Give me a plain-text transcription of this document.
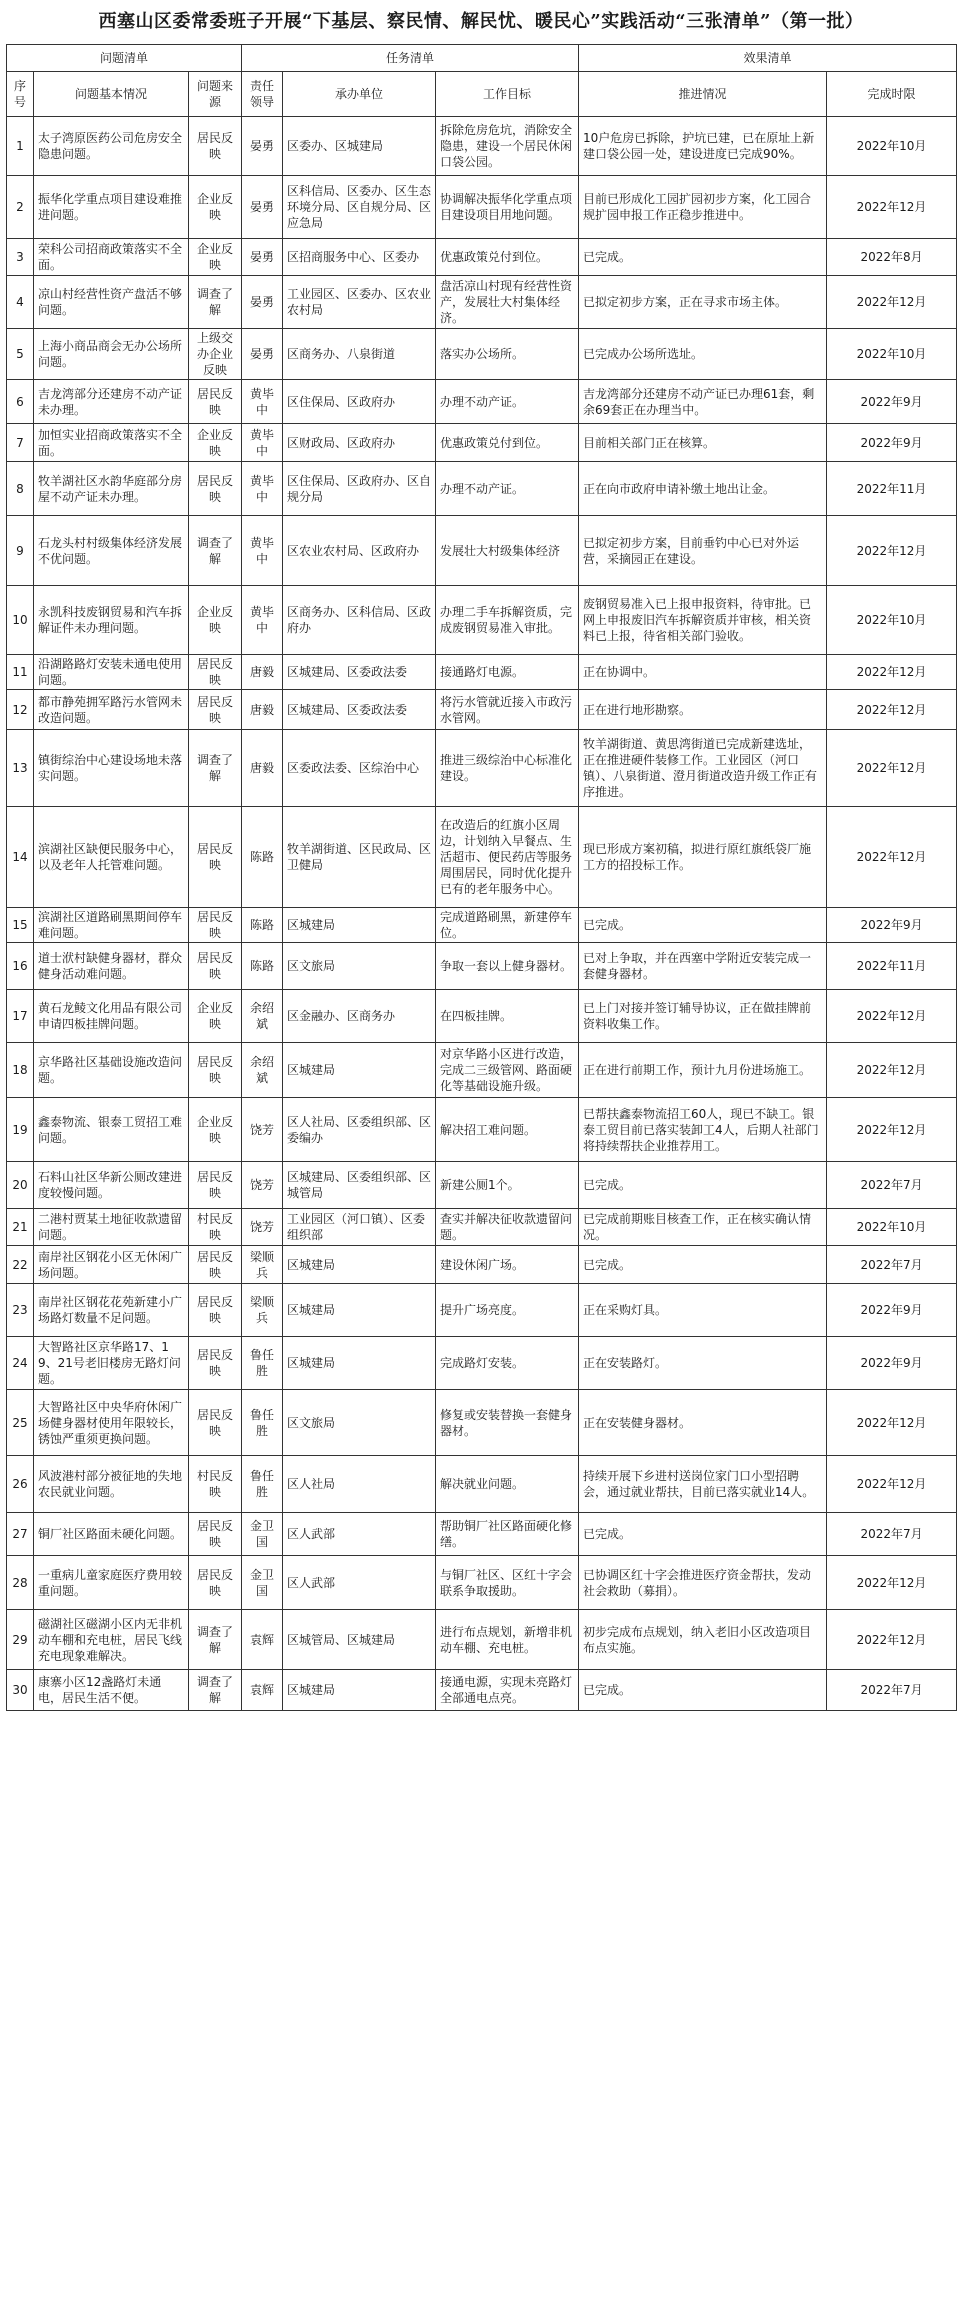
西塞山区委常委班子开展“下基层、察民情、解民忧、暖民心”实践活动“三张清单”（第一批）
问题清单			任务清单			效果清单	
序号	问题基本情况	问题来源	责任领导	承办单位	工作目标	推进情况	完成时限
1	太子湾原医药公司危房安全隐患问题。	居民反映	晏勇	区委办、区城建局	拆除危房危坑，消除安全隐患，建设一个居民休闲口袋公园。	10户危房已拆除，护坑已建，已在原址上新建口袋公园一处，建设进度已完成90%。	2022年10月
2	振华化学重点项目建设难推进问题。	企业反映	晏勇	区科信局、区委办、区生态环境分局、区自规分局、区应急局	协调解决振华化学重点项目建设项目用地问题。	目前已形成化工园扩园初步方案，化工园合规扩园申报工作正稳步推进中。	2022年12月
3	荣科公司招商政策落实不全面。	企业反映	晏勇	区招商服务中心、区委办	优惠政策兑付到位。	已完成。	2022年8月
4	凉山村经营性资产盘活不够问题。	调查了解	晏勇	工业园区、区委办、区农业农村局	盘活凉山村现有经营性资产，发展壮大村集体经济。	已拟定初步方案，正在寻求市场主体。	2022年12月
5	上海小商品商会无办公场所问题。	上级交办企业反映	晏勇	区商务办、八泉街道	落实办公场所。	已完成办公场所选址。	2022年10月
6	吉龙湾部分还建房不动产证未办理。	居民反映	黄毕中	区住保局、区政府办	办理不动产证。	吉龙湾部分还建房不动产证已办理61套，剩余69套正在办理当中。	2022年9月
7	加恒实业招商政策落实不全面。	企业反映	黄毕中	区财政局、区政府办	优惠政策兑付到位。	目前相关部门正在核算。	2022年9月
8	牧羊湖社区水韵华庭部分房屋不动产证未办理。	居民反映	黄毕中	区住保局、区政府办、区自规分局	办理不动产证。	正在向市政府申请补缴土地出让金。	2022年11月
9	石龙头村村级集体经济发展不优问题。	调查了解	黄毕中	区农业农村局、区政府办	发展壮大村级集体经济	已拟定初步方案，目前垂钓中心已对外运营，采摘园正在建设。	2022年12月
10	永凯科技废钢贸易和汽车拆解证件未办理问题。	企业反映	黄毕中	区商务办、区科信局、区政府办	办理二手车拆解资质，完成废钢贸易准入审批。	废钢贸易准入已上报申报资料，待审批。已网上申报废旧汽车拆解资质并审核，相关资料已上报，待省相关部门验收。	2022年10月
11	沿湖路路灯安装未通电使用问题。	居民反映	唐毅	区城建局、区委政法委	接通路灯电源。	正在协调中。	2022年12月
12	都市静苑拥军路污水管网未改造问题。	居民反映	唐毅	区城建局、区委政法委	将污水管就近接入市政污水管网。	正在进行地形勘察。	2022年12月
13	镇街综治中心建设场地未落实问题。	调查了解	唐毅	区委政法委、区综治中心	推进三级综治中心标准化建设。	牧羊湖街道、黄思湾街道已完成新建选址，正在推进硬件装修工作。工业园区（河口镇）、八泉街道、澄月街道改造升级工作正有序推进。	2022年12月
14	滨湖社区缺便民服务中心，以及老年人托管难问题。	居民反映	陈路	牧羊湖街道、区民政局、区卫健局	在改造后的红旗小区周边，计划纳入早餐点、生活超市、便民药店等服务周围居民，同时优化提升已有的老年服务中心。	现已形成方案初稿，拟进行原红旗纸袋厂施工方的招投标工作。	2022年12月
15	滨湖社区道路刷黑期间停车难问题。	居民反映	陈路	区城建局	完成道路刷黑，新建停车位。	已完成。	2022年9月
16	道士洑村缺健身器材，群众健身活动难问题。	居民反映	陈路	区文旅局	争取一套以上健身器材。	已对上争取，并在西塞中学附近安装完成一套健身器材。	2022年11月
17	黄石龙鲮文化用品有限公司申请四板挂牌问题。	企业反映	余绍斌	区金融办、区商务办	在四板挂牌。	已上门对接并签订辅导协议，正在做挂牌前资料收集工作。	2022年12月
18	京华路社区基础设施改造问题。	居民反映	余绍斌	区城建局	对京华路小区进行改造，完成二三级管网、路面硬化等基础设施升级。	正在进行前期工作，预计九月份进场施工。	2022年12月
19	鑫泰物流、银泰工贸招工难问题。	企业反映	饶芳	区人社局、区委组织部、区委编办	解决招工难问题。	已帮扶鑫泰物流招工60人，现已不缺工。银泰工贸目前已落实装卸工4人，后期人社部门将持续帮扶企业推荐用工。	2022年12月
20	石料山社区华新公厕改建进度较慢问题。	居民反映	饶芳	区城建局、区委组织部、区城管局	新建公厕1个。	已完成。	2022年7月
21	二港村贾某土地征收款遗留问题。	村民反映	饶芳	工业园区（河口镇）、区委组织部	查实并解决征收款遗留问题。	已完成前期账目核查工作，正在核实确认情况。	2022年10月
22	南岸社区钢花小区无休闲广场问题。	居民反映	梁顺兵	区城建局	建设休闲广场。	已完成。	2022年7月
23	南岸社区钢花花苑新建小广场路灯数量不足问题。	居民反映	梁顺兵	区城建局	提升广场亮度。	正在采购灯具。	2022年9月
24	大智路社区京华路17、19、21号老旧楼房无路灯问题。	居民反映	鲁任胜	区城建局	完成路灯安装。	正在安装路灯。	2022年9月
25	大智路社区中央华府休闲广场健身器材使用年限较长，锈蚀严重须更换问题。	居民反映	鲁任胜	区文旅局	修复或安装替换一套健身器材。	正在安装健身器材。	2022年12月
26	风波港村部分被征地的失地农民就业问题。	村民反映	鲁任胜	区人社局	解决就业问题。	持续开展下乡进村送岗位家门口小型招聘会，通过就业帮扶，目前已落实就业14人。	2022年12月
27	铜厂社区路面未硬化问题。	居民反映	金卫国	区人武部	帮助铜厂社区路面硬化修缮。	已完成。	2022年7月
28	一重病儿童家庭医疗费用较重问题。	居民反映	金卫国	区人武部	与铜厂社区、区红十字会联系争取援助。	已协调区红十字会推进医疗资金帮扶，发动社会救助（募捐）。	2022年12月
29	磁湖社区磁湖小区内无非机动车棚和充电桩，居民飞线充电现象难解决。	调查了解	袁辉	区城管局、区城建局	进行布点规划，新增非机动车棚、充电桩。	初步完成布点规划，纳入老旧小区改造项目布点实施。	2022年12月
30	康寨小区12盏路灯未通电，居民生活不便。	调查了解	袁辉	区城建局	接通电源，实现未亮路灯全部通电点亮。	已完成。	2022年7月
